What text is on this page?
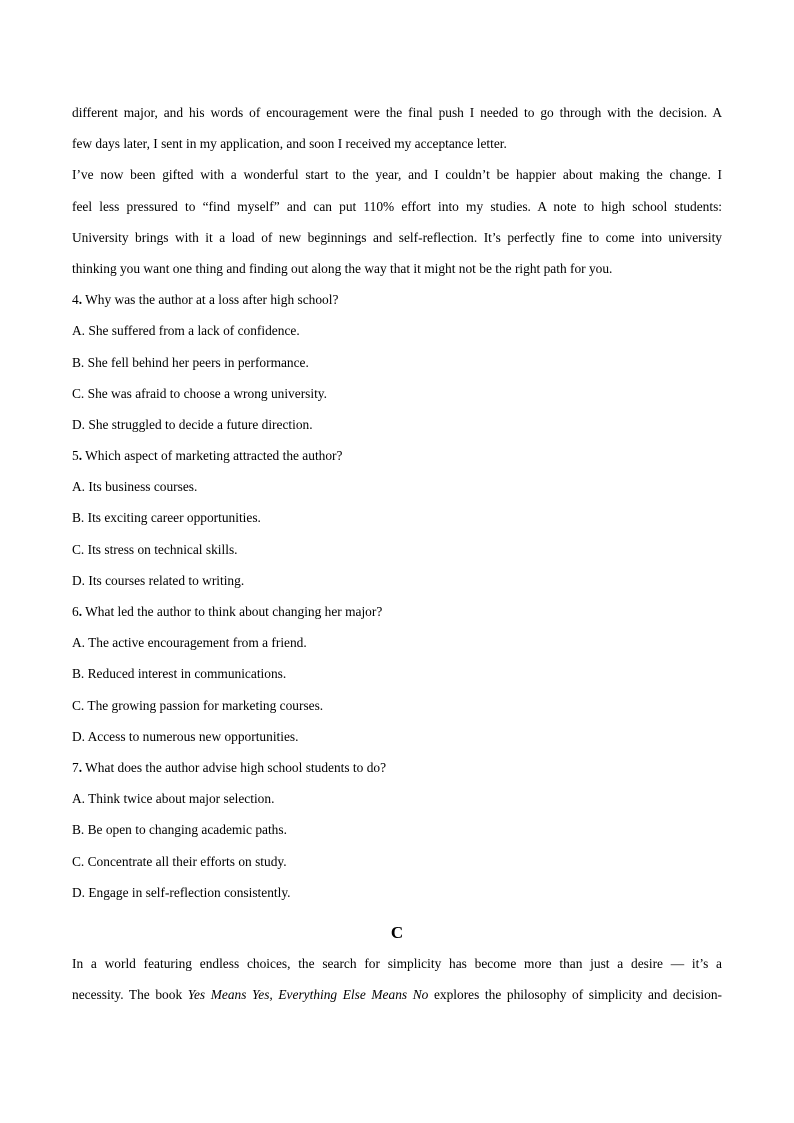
different major, and his words of encouragement were the final push I needed to go through with the decision. A
few days later, I sent in my application, and soon I received my acceptance letter.
I’ve now been gifted with a wonderful start to the year, and I couldn’t be happier about making the change. I
feel less pressured to “find myself” and can put 110% effort into my studies. A note to high school students:
University brings with it a load of new beginnings and self-reflection. It’s perfectly fine to come into university
thinking you want one thing and finding out along the way that it might not be the right path for you.
4. Why was the author at a loss after high school?
A. She suffered from a lack of confidence.
B. She fell behind her peers in performance.
C. She was afraid to choose a wrong university.
D. She struggled to decide a future direction.
5. Which aspect of marketing attracted the author?
A. Its business courses.
B. Its exciting career opportunities.
C. Its stress on technical skills.
D. Its courses related to writing.
6. What led the author to think about changing her major?
A. The active encouragement from a friend.
B. Reduced interest in communications.
C. The growing passion for marketing courses.
D. Access to numerous new opportunities.
7. What does the author advise high school students to do?
A. Think twice about major selection.
B. Be open to changing academic paths.
C. Concentrate all their efforts on study.
D. Engage in self-reflection consistently.
C
In a world featuring endless choices, the search for simplicity has become more than just a desire — it’s a
necessity. The book Yes Means Yes, Everything Else Means No explores the philosophy of simplicity and decision-
